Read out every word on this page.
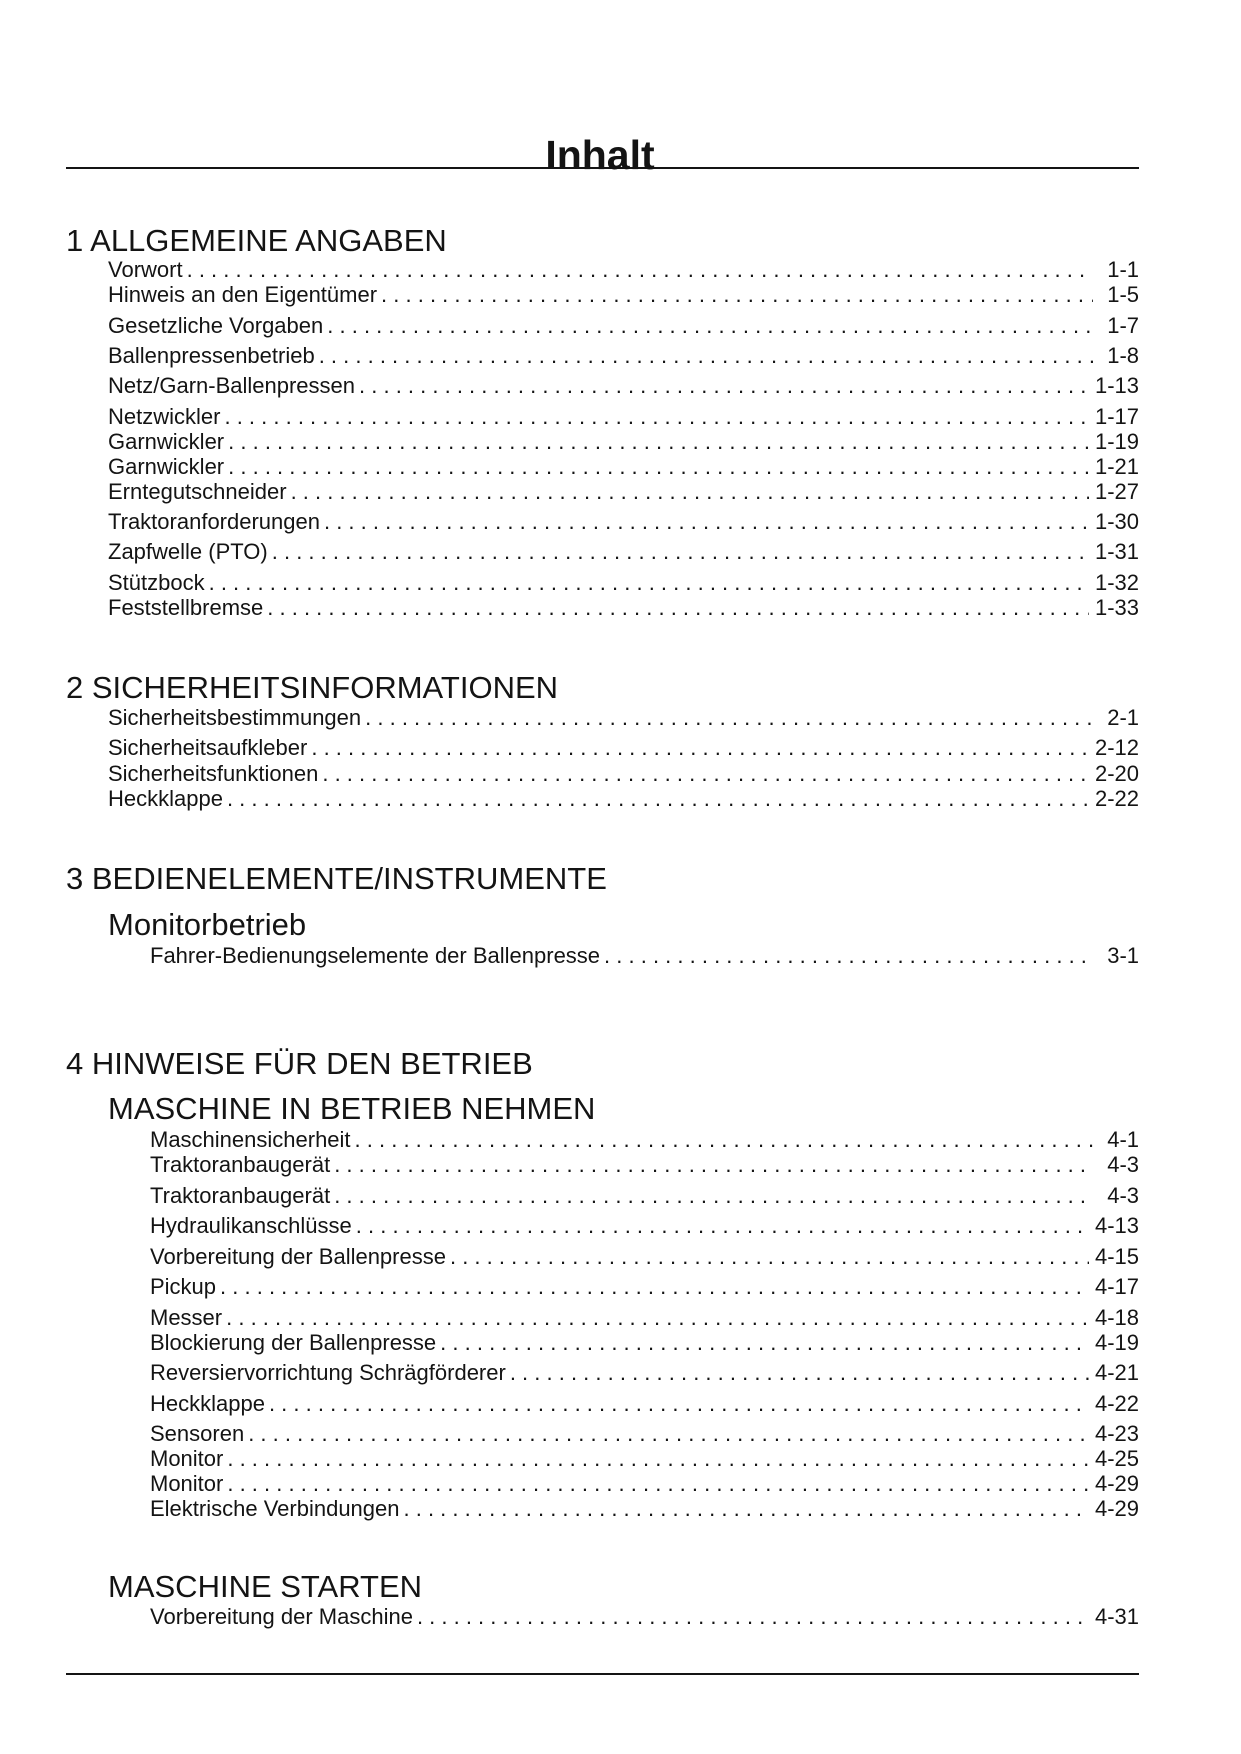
Inhalt
1 ALLGEMEINE ANGABEN
Vorwort . . .	1-1
Hinweis an den Eigentümer . . .	1-5
Gesetzliche Vorgaben . . .	1-7
Ballenpressenbetrieb . . .	1-8
Netz/Garn-Ballenpressen . . .	1-13
Netzwickler . . .	1-17
Garnwickler . . .	1-19
Garnwickler . . .	1-21
Erntegutschneider . . .	1-27
Traktoranforderungen . . .	1-30
Zapfwelle (PTO) . . .	1-31
Stützbock . . .	1-32
Feststellbremse . . .	1-33
2 SICHERHEITSINFORMATIONEN
Sicherheitsbestimmungen . . .	2-1
Sicherheitsaufkleber . . .	2-12
Sicherheitsfunktionen . . .	2-20
Heckklappe . . .	2-22
3 BEDIENELEMENTE/INSTRUMENTE
Monitorbetrieb
Fahrer-Bedienungselemente der Ballenpresse . . .	3-1
4 HINWEISE FÜR DEN BETRIEB
MASCHINE IN BETRIEB NEHMEN
Maschinensicherheit . . .	4-1
Traktoranbaugerät . . .	4-3
Traktoranbaugerät . . .	4-3
Hydraulikanschlüsse . . .	4-13
Vorbereitung der Ballenpresse . . .	4-15
Pickup . . .	4-17
Messer . . .	4-18
Blockierung der Ballenpresse . . .	4-19
Reversiervorrichtung Schrägförderer . . .	4-21
Heckklappe . . .	4-22
Sensoren . . .	4-23
Monitor . . .	4-25
Monitor . . .	4-29
Elektrische Verbindungen . . .	4-29
MASCHINE STARTEN
Vorbereitung der Maschine . . .	4-31
